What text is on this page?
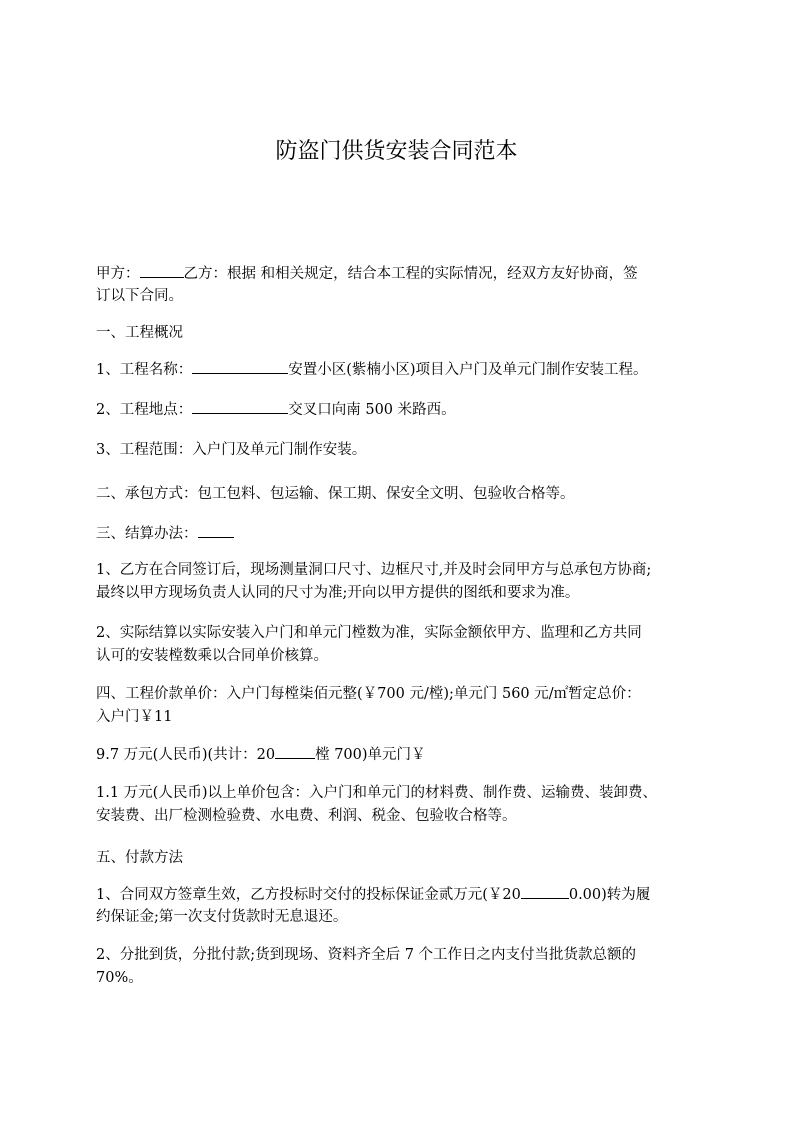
防盗门供货安装合同范本
甲方：	乙方：根据 和相关规定，结合本工程的实际情况，经双方友好协商，签
订以下合同。
一、工程概况
1、工程名称：	安置小区(紫楠小区)项目入户门及单元门制作安装工程。
2、工程地点：	交叉口向南 500 米路西。
3、工程范围：入户门及单元门制作安装。
二、承包方式：包工包料、包运输、保工期、保安全文明、包验收合格等。
三、结算办法：
1、乙方在合同签订后，现场测量洞口尺寸、边框尺寸,并及时会同甲方与总承包方协商;
最终以甲方现场负责人认同的尺寸为准;开向以甲方提供的图纸和要求为准。
2、实际结算以实际安装入户门和单元门樘数为准，实际金额依甲方、监理和乙方共同
认可的安装樘数乘以合同单价核算。
四、工程价款单价：入户门每樘柒佰元整(￥700 元/樘);单元门 560 元/㎡暂定总价：
入户门￥11
9.7 万元(人民币)(共计：20	樘 700)单元门￥
1.1 万元(人民币)以上单价包含：入户门和单元门的材料费、制作费、运输费、装卸费、
安装费、出厂检测检验费、水电费、利润、税金、包验收合格等。
五、付款方法
1、合同双方签章生效，乙方投标时交付的投标保证金贰万元(￥20	0.00)转为履
约保证金;第一次支付货款时无息退还。
2、分批到货，分批付款;货到现场、资料齐全后 7 个工作日之内支付当批货款总额的
70%。
